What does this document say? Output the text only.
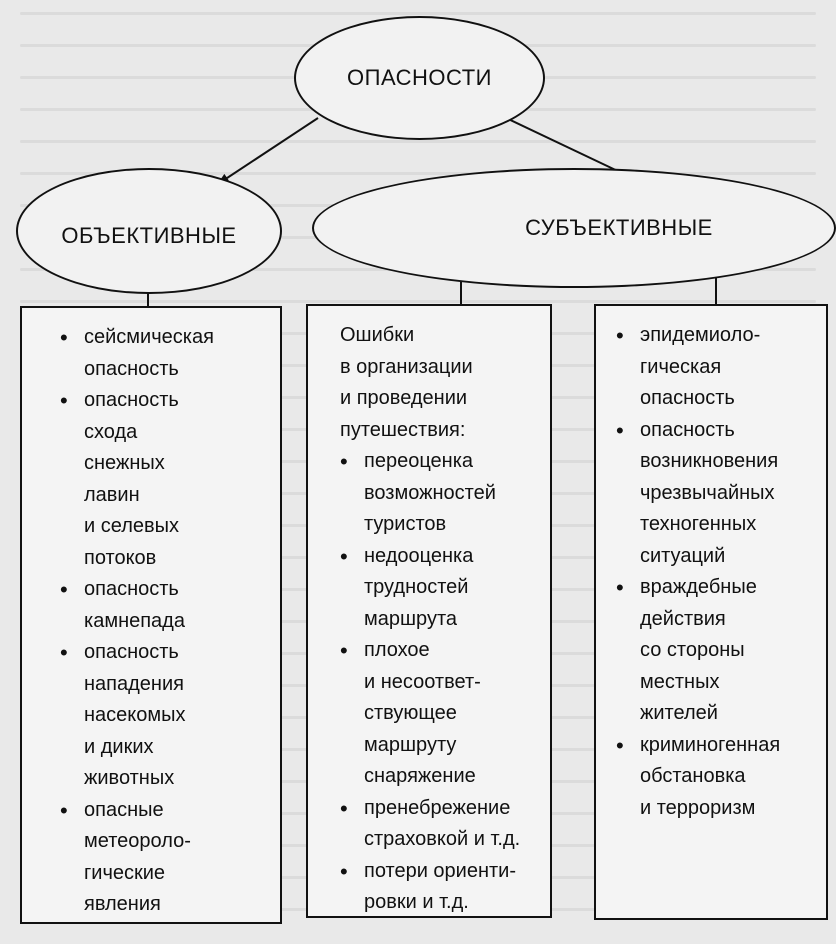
ОПАСНОСТИ
ОБЪЕКТИВНЫЕ	СУБЪЕКТИВНЫЕ
• сейсмическая
опасность
• опасность
схода
снежных
лавин
и селевых
потоков
• опасность
камнепада
• опасность
нападения
насекомых
и диких
животных
• опасные
метеороло-
гические
явления
Ошибки
в организации
и проведении
путешествия:
• переоценка
возможностей
туристов
• недооценка
трудностей
маршрута
• плохое
и несоответ-
ствующее
маршруту
снаряжение
• пренебрежение
страховкой и т.д.
• потери ориенти-
ровки и т.д.
• эпидемиоло-
гическая
опасность
• опасность
возникновения
чрезвычайных
техногенных
ситуаций
• враждебные
действия
со стороны
местных
жителей
• криминогенная
обстановка
и терроризм
